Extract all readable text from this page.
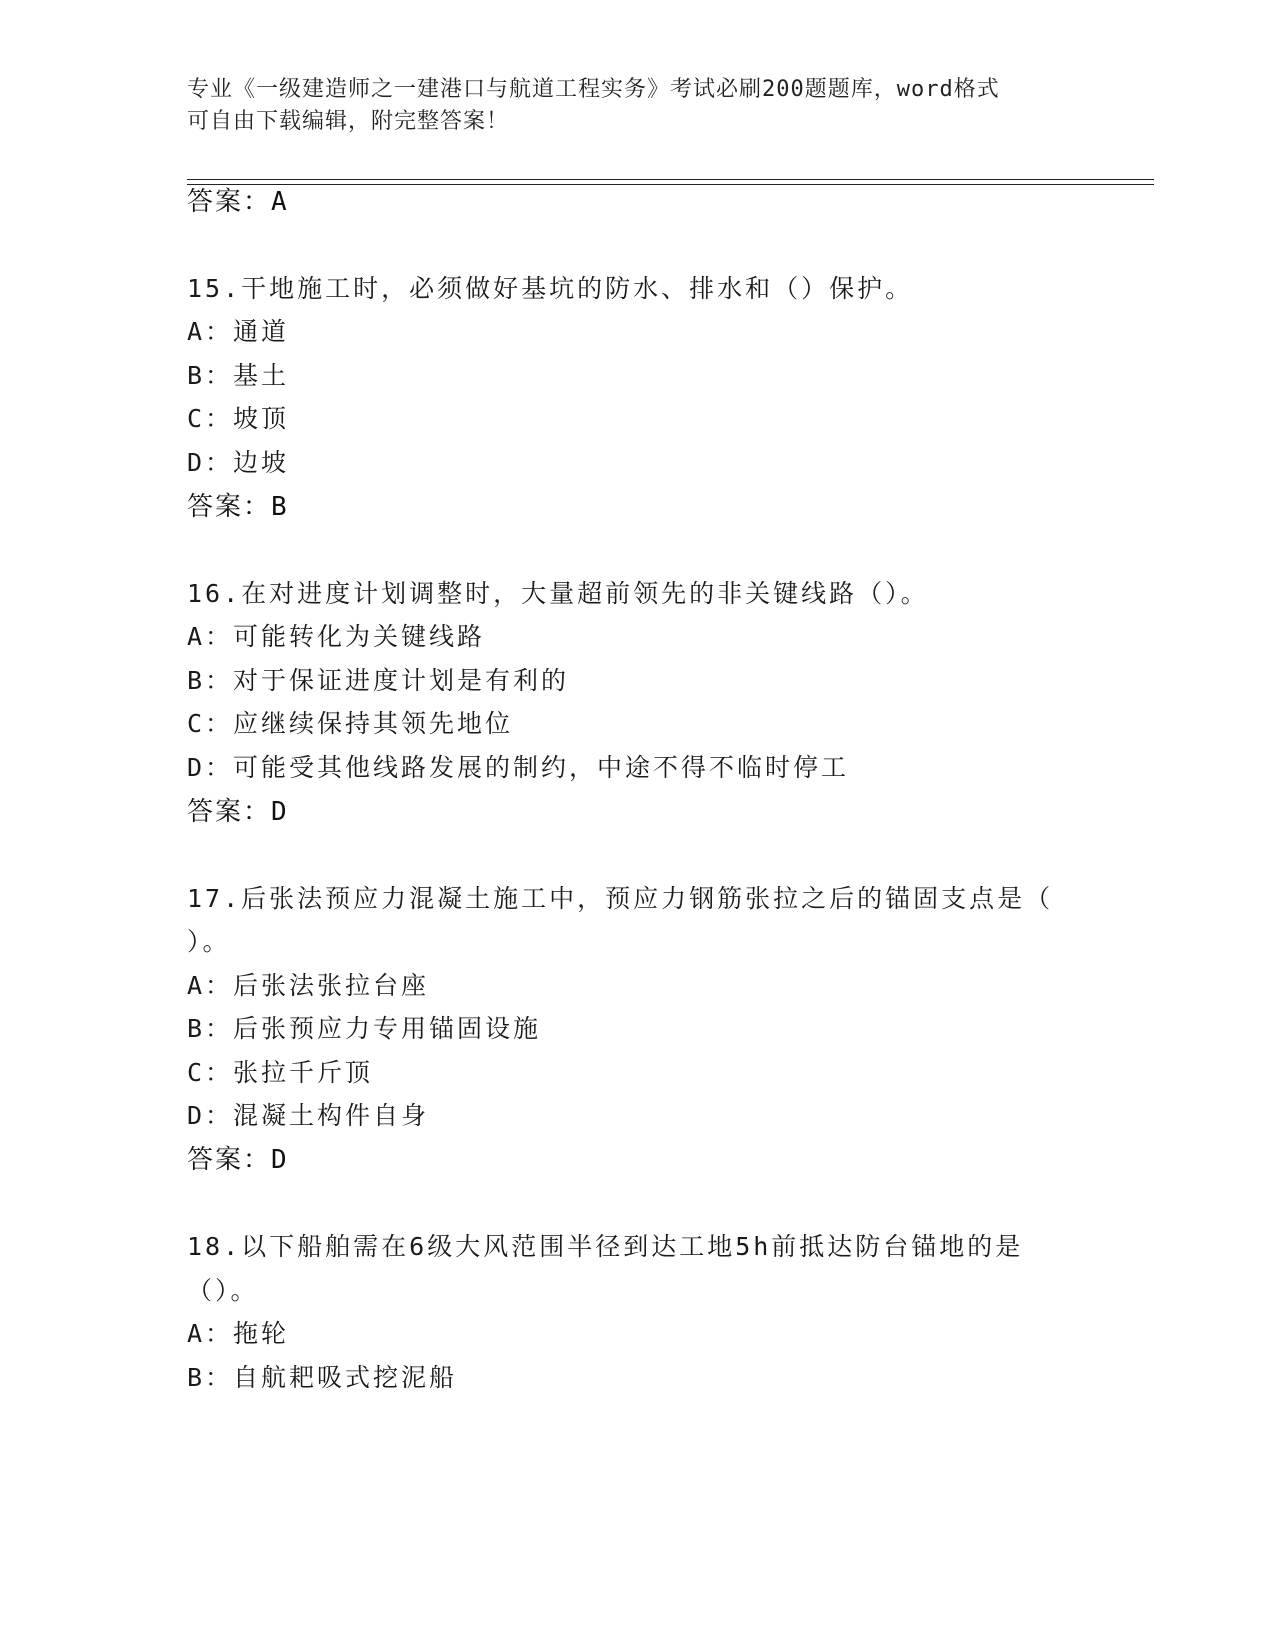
专业《一级建造师之一建港口与航道工程实务》考试必刷200题题库，word格式
可自由下载编辑，附完整答案！
答案：A
15.干地施工时，必须做好基坑的防水、排水和（）保护。
A：通道
B：基土
C：坡顶
D：边坡
答案：B
16.在对进度计划调整时，大量超前领先的非关键线路（）。
A：可能转化为关键线路
B：对于保证进度计划是有利的
C：应继续保持其领先地位
D：可能受其他线路发展的制约，中途不得不临时停工
答案：D
17.后张法预应力混凝土施工中，预应力钢筋张拉之后的锚固支点是（
）。
A：后张法张拉台座
B：后张预应力专用锚固设施
C：张拉千斤顶
D：混凝土构件自身
答案：D
18.以下船舶需在6级大风范围半径到达工地5h前抵达防台锚地的是
（）。
A：拖轮
B：自航耙吸式挖泥船
